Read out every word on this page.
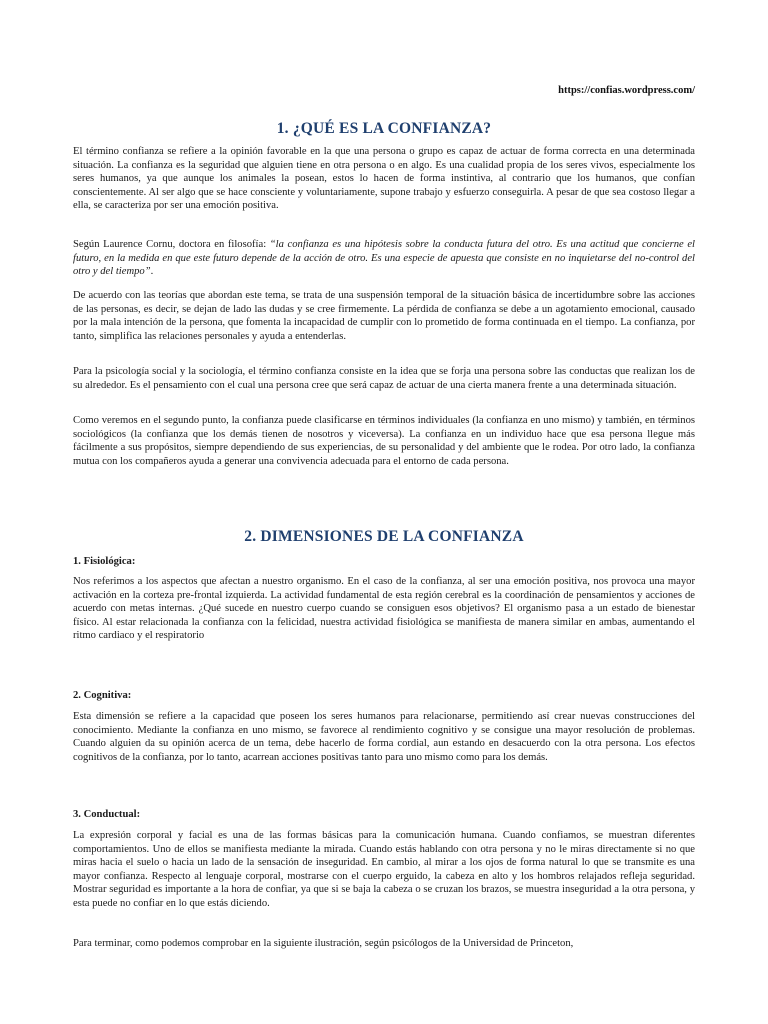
https://confias.wordpress.com/

1. ¿QUÉ ES LA CONFIANZA?

El término confianza se refiere a la opinión favorable en la que una persona o grupo es capaz de actuar de forma correcta en una determinada situación. La confianza es la seguridad que alguien tiene en otra persona o en algo. Es una cualidad propia de los seres vivos, especialmente los seres humanos, ya que aunque los animales la posean, estos lo hacen de forma instintiva, al contrario que los humanos, que confían conscientemente. Al ser algo que se hace consciente y voluntariamente, supone trabajo y esfuerzo conseguirla. A pesar de que sea costoso llegar a ella, se caracteriza por ser una emoción positiva.

Según Laurence Cornu, doctora en filosofía: “la confianza es una hipótesis sobre la conducta futura del otro. Es una actitud que concierne el futuro, en la medida en que este futuro depende de la acción de otro. Es una especie de apuesta que consiste en no inquietarse del no-control del otro y del tiempo”.

De acuerdo con las teorías que abordan este tema, se trata de una suspensión temporal de la situación básica de incertidumbre sobre las acciones de las personas, es decir, se dejan de lado las dudas y se cree firmemente. La pérdida de confianza se debe a un agotamiento emocional, causado por la mala intención de la persona, que fomenta la incapacidad de cumplir con lo prometido de forma continuada en el tiempo. La confianza, por tanto, simplifica las relaciones personales y ayuda a entenderlas.

Para la psicología social y la sociología, el término confianza consiste en la idea que se forja una persona sobre las conductas que realizan los de su alrededor. Es el pensamiento con el cual una persona cree que será capaz de actuar de una cierta manera frente a una determinada situación.

Como veremos en el segundo punto, la confianza puede clasificarse en términos individuales (la confianza en uno mismo) y también, en términos sociológicos (la confianza que los demás tienen de nosotros y viceversa). La confianza en un individuo hace que esa persona llegue más fácilmente a sus propósitos, siempre dependiendo de sus experiencias, de su personalidad y del ambiente que le rodea. Por otro lado, la confianza mutua con los compañeros ayuda a generar una convivencia adecuada para el entorno de cada persona.

2. DIMENSIONES DE LA CONFIANZA

1. Fisiológica:

Nos referimos a los aspectos que afectan a nuestro organismo. En el caso de la confianza, al ser una emoción positiva, nos provoca una mayor activación en la corteza pre-frontal izquierda. La actividad fundamental de esta región cerebral es la coordinación de pensamientos y acciones de acuerdo con metas internas. ¿Qué sucede en nuestro cuerpo cuando se consiguen esos objetivos? El organismo pasa a un estado de bienestar físico. Al estar relacionada la confianza con la felicidad, nuestra actividad fisiológica se manifiesta de manera similar en ambas, aumentando el ritmo cardiaco y el respiratorio

2. Cognitiva:

Esta dimensión se refiere a la capacidad que poseen los seres humanos para relacionarse, permitiendo así crear nuevas construcciones del conocimiento. Mediante la confianza en uno mismo, se favorece al rendimiento cognitivo y se consigue una mayor resolución de problemas. Cuando alguien da su opinión acerca de un tema, debe hacerlo de forma cordial, aun estando en desacuerdo con la otra persona. Los efectos cognitivos de la confianza, por lo tanto, acarrean acciones positivas tanto para uno mismo como para los demás.

3. Conductual:

La expresión corporal y facial es una de las formas básicas para la comunicación humana. Cuando confiamos, se muestran diferentes comportamientos. Uno de ellos se manifiesta mediante la mirada. Cuando estás hablando con otra persona y no le miras directamente si no que miras hacia el suelo o hacia un lado de la sensación de inseguridad. En cambio, al mirar a los ojos de forma natural lo que se transmite es una mayor confianza. Respecto al lenguaje corporal, mostrarse con el cuerpo erguido, la cabeza en alto y los hombros relajados refleja seguridad. Mostrar seguridad es importante a la hora de confiar, ya que si se baja la cabeza o se cruzan los brazos, se muestra inseguridad a la otra persona, y esta puede no confiar en lo que estás diciendo.

Para terminar, como podemos comprobar en la siguiente ilustración, según psicólogos de la Universidad de Princeton,
